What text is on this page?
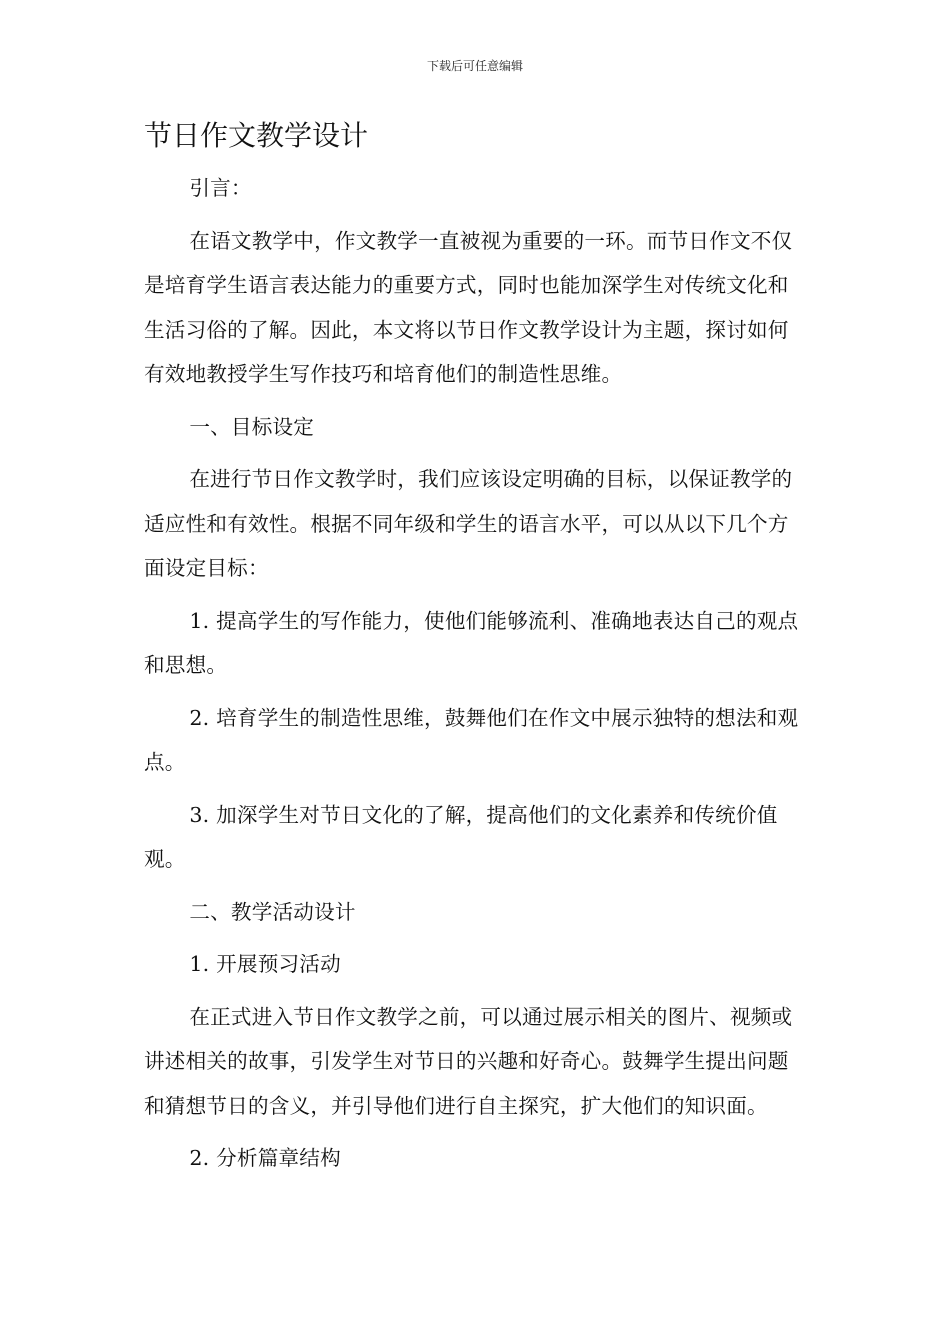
下载后可任意编辑
节日作文教学设计

引言：

在语文教学中，作文教学一直被视为重要的一环。而节日作文不仅是培育学生语言表达能力的重要方式，同时也能加深学生对传统文化和生活习俗的了解。因此，本文将以节日作文教学设计为主题，探讨如何有效地教授学生写作技巧和培育他们的制造性思维。

一、目标设定

在进行节日作文教学时，我们应该设定明确的目标，以保证教学的适应性和有效性。根据不同年级和学生的语言水平，可以从以下几个方面设定目标：

1. 提高学生的写作能力，使他们能够流利、准确地表达自己的观点和思想。

2. 培育学生的制造性思维，鼓舞他们在作文中展示独特的想法和观点。

3. 加深学生对节日文化的了解，提高他们的文化素养和传统价值观。

二、教学活动设计

1. 开展预习活动

在正式进入节日作文教学之前，可以通过展示相关的图片、视频或讲述相关的故事，引发学生对节日的兴趣和好奇心。鼓舞学生提出问题和猜想节日的含义，并引导他们进行自主探究，扩大他们的知识面。

2. 分析篇章结构
